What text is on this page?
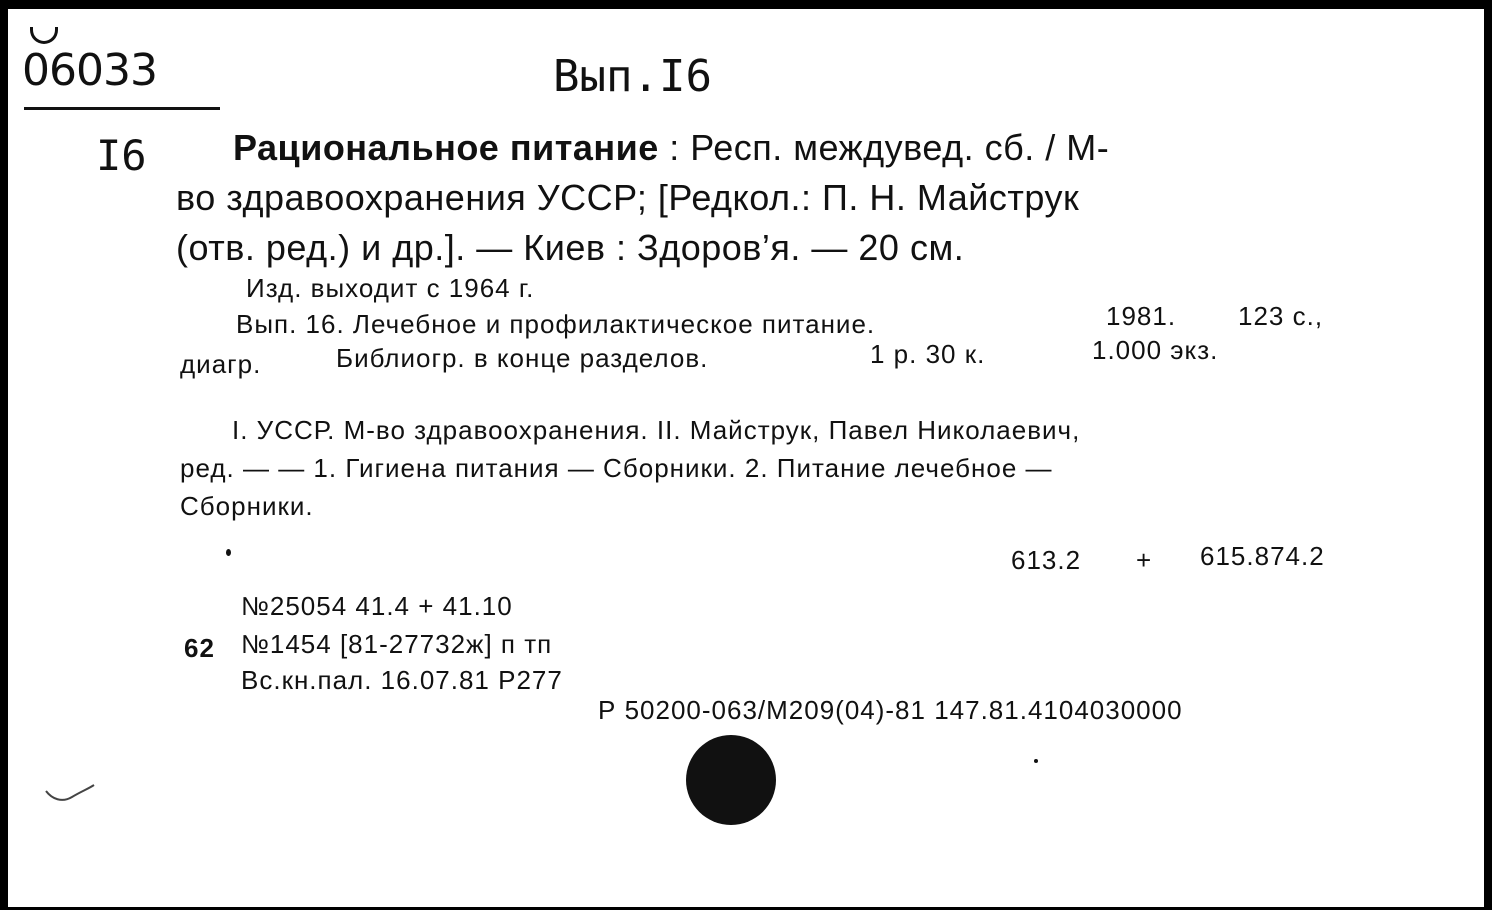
06033	Вып.I6
I6 Рациональное питание : Респ. междувед. сб. / М-
во здравоохранения УССР; [Редкол.: П. Н. Майструк
(отв. ред.) и др.]. — Киев : Здоров’я. — 20 см.
Изд. выходит с 1964 г.
Вып. 16. Лечебное и профилактическое питание.	1981. 123 с.,
диагр.	Библиогр. в конце разделов.	1 р. 30 к.	1.000 экз.
I. УССР. М-во здравоохранения. II. Майструк, Павел Николаевич,
ред. — — 1. Гигиена питания — Сборники. 2. Питание лечебное —
Сборники.
613.2 + 615.874.2
№25054 41.4 + 41.10
62 №1454 [81-27732ж] п тп
Вс.кн.пал. 16.07.81 Р277
Р 50200-063/М209(04)-81 147.81.4104030000
